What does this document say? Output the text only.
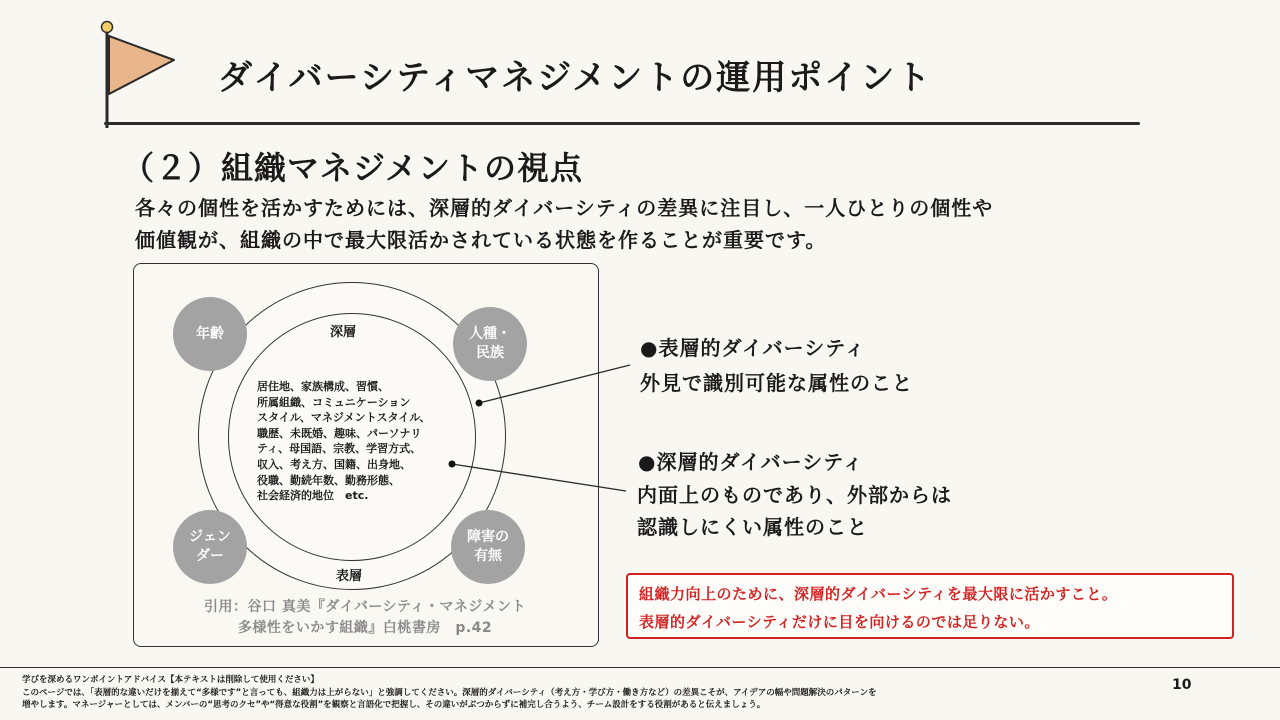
ダイバーシティマネジメントの運用ポイント
（２）組織マネジメントの視点
各々の個性を活かすためには、深層的ダイバーシティの差異に注目し、一人ひとりの個性や
価値観が、組織の中で最大限活かされている状態を作ることが重要です。
深層
表層
居住地、家族構成、習慣、
所属組織、コミュニケーション
スタイル、マネジメントスタイル、
職歴、未既婚、趣味、パーソナリ
ティ、母国語、宗教、学習方式、
収入、考え方、国籍、出身地、
役職、勤続年数、勤務形態、
社会経済的地位　etc.
年齢	人種・
民族
ジェン
ダー
障害の
有無
引用：谷口 真美『ダイバーシティ・マネジメント
多様性をいかす組織』白桃書房　p.42
●表層的ダイバーシティ
外見で識別可能な属性のこと
●深層的ダイバーシティ
内面上のものであり、外部からは
認識しにくい属性のこと
組織力向上のために、深層的ダイバーシティを最大限に活かすこと。
表層的ダイバーシティだけに目を向けるのでは足りない。
学びを深めるワンポイントアドバイス【本テキストは削除して使用ください】
このページでは、「表層的な違いだけを揃えて“多様です”と言っても、組織力は上がらない」と強調してください。深層的ダイバーシティ（考え方・学び方・働き方など）の差異こそが、アイデアの幅や問題解決のパターンを
増やします。マネージャーとしては、メンバーの“思考のクセ”や“得意な役割”を観察と言語化で把握し、その違いがぶつからずに補完し合うよう、チーム設計をする役割があると伝えましょう。
10
